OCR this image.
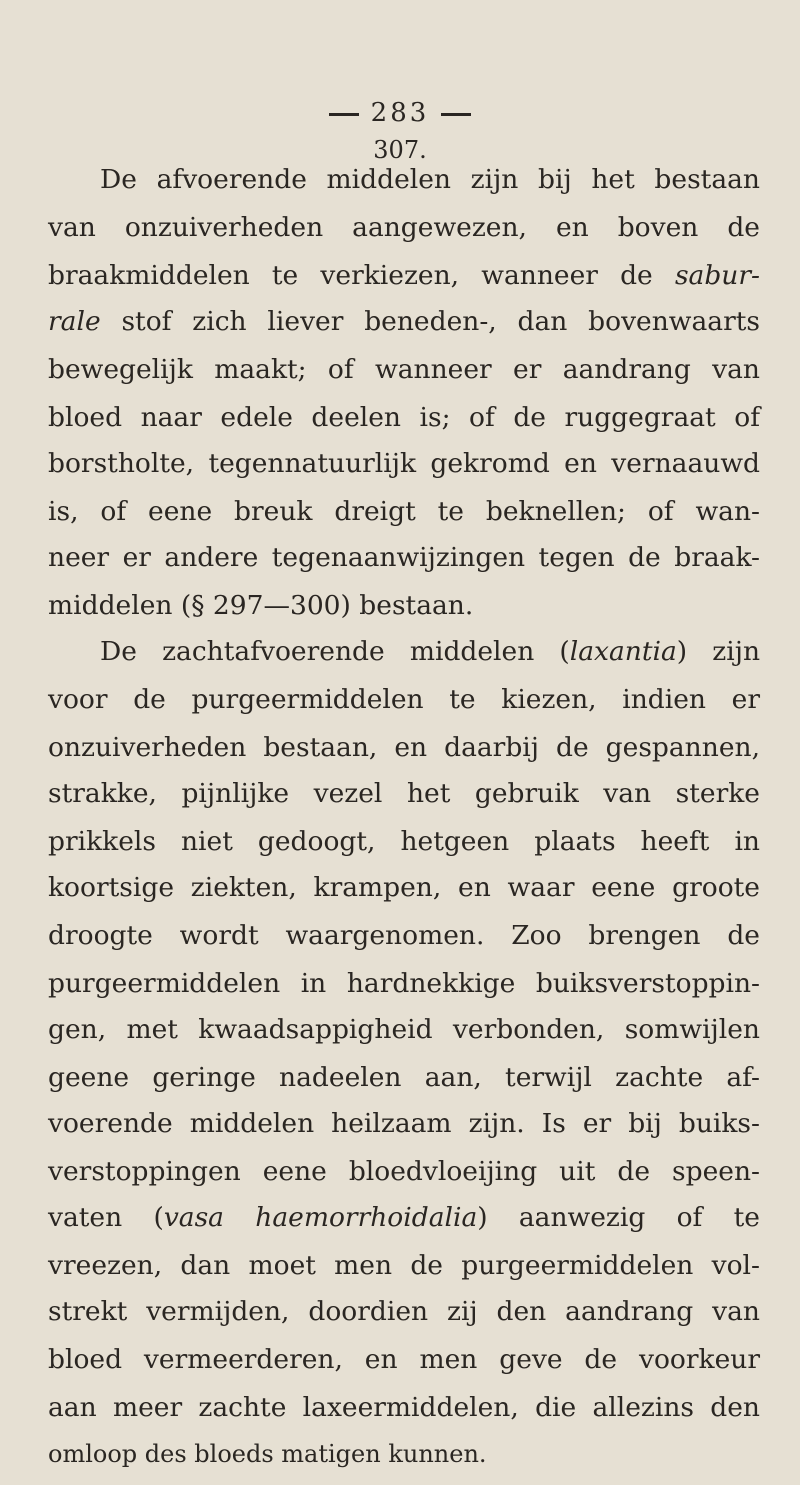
283
307.
De afvoerende middelen zijn bij het bestaan
van onzuiverheden aangewezen, en boven de
braakmiddelen te verkiezen, wanneer de sabur-
rale stof zich liever beneden-, dan bovenwaarts
bewegelijk maakt; of wanneer er aandrang van
bloed naar edele deelen is; of de ruggegraat of
borstholte, tegennatuurlijk gekromd en vernaauwd
is, of eene breuk dreigt te beknellen; of wan-
neer er andere tegenaanwijzingen tegen de braak-
middelen (§ 297—300) bestaan.
De zachtafvoerende middelen (laxantia) zijn
voor de purgeermiddelen te kiezen, indien er
onzuiverheden bestaan, en daarbij de gespannen,
strakke, pijnlijke vezel het gebruik van sterke
prikkels niet gedoogt, hetgeen plaats heeft in
koortsige ziekten, krampen, en waar eene groote
droogte wordt waargenomen. Zoo brengen de
purgeermiddelen in hardnekkige buiksverstoppin-
gen, met kwaadsappigheid verbonden, somwijlen
geene geringe nadeelen aan, terwijl zachte af-
voerende middelen heilzaam zijn. Is er bij buiks-
verstoppingen eene bloedvloeijing uit de speen-
vaten (vasa haemorrhoidalia) aanwezig of te
vreezen, dan moet men de purgeermiddelen vol-
strekt vermijden, doordien zij den aandrang van
bloed vermeerderen, en men geve de voorkeur
aan meer zachte laxeermiddelen, die allezins den
omloop des bloeds matigen kunnen.
